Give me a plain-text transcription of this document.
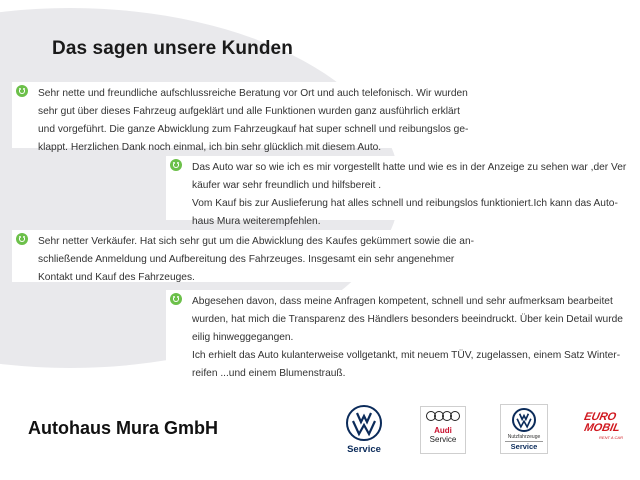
Das sagen unsere Kunden
Sehr nette und freundliche aufschlussreiche Beratung vor Ort und auch telefonisch. Wir wurden
sehr gut über dieses Fahrzeug aufgeklärt und alle Funktionen wurden ganz ausführlich erklärt
und vorgeführt. Die ganze Abwicklung zum Fahrzeugkauf hat super schnell und reibungslos ge-
klappt. Herzlichen Dank noch einmal, ich bin sehr glücklich mit diesem Auto.
Das Auto war so wie ich es mir vorgestellt hatte und wie es in der Anzeige zu sehen war ,der Ver
käufer war sehr freundlich und hilfsbereit .
Vom Kauf bis zur Auslieferung hat alles schnell und reibungslos funktioniert.Ich kann das Auto-
haus Mura weiterempfehlen.
Sehr netter Verkäufer. Hat sich sehr gut um die Abwicklung des Kaufes gekümmert sowie die an-
schließende Anmeldung und Aufbereitung des Fahrzeuges. Insgesamt ein sehr angenehmer
Kontakt und Kauf des Fahrzeuges.
Abgesehen davon, dass meine Anfragen kompetent, schnell und sehr aufmerksam bearbeitet
wurden, hat mich die Transparenz des Händlers besonders beeindruckt. Über kein Detail wurde
eilig hinweggegangen.
Ich erhielt das Auto kulanterweise vollgetankt, mit neuem TÜV, zugelassen, einem Satz Winter-
reifen ...und einem Blumenstrauß.
Autohaus Mura GmbH
Service
Audi
Service	Nutzfahrzeuge
Service
EURO
MOBIL
RENT A CAR
